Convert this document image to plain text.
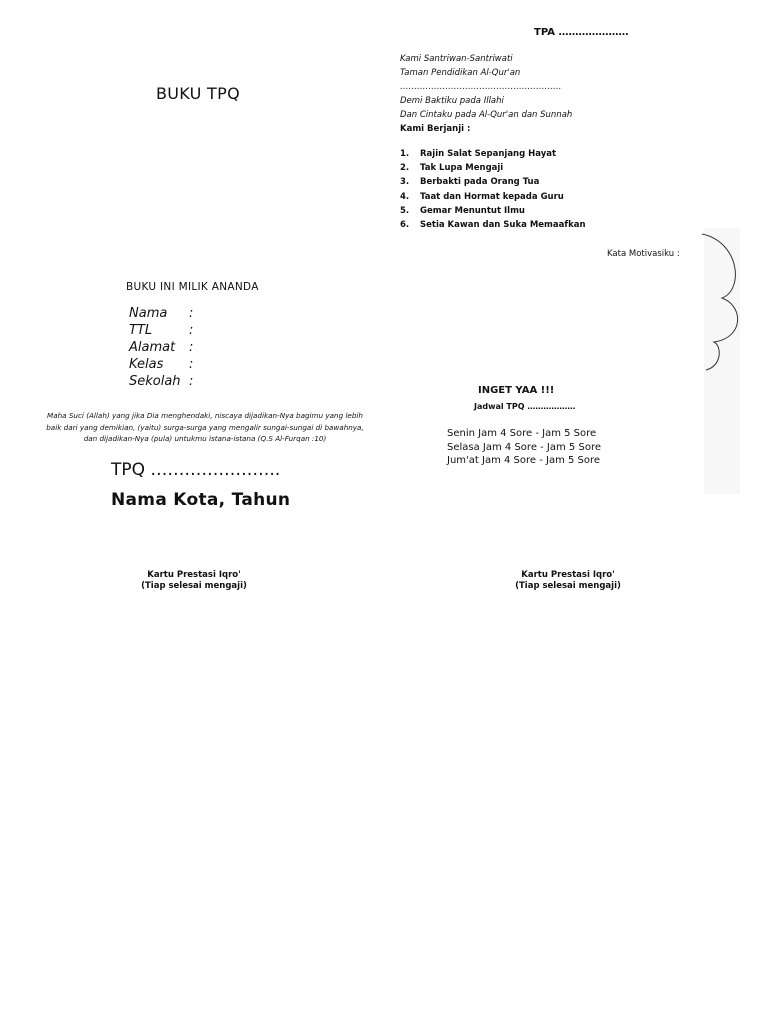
TPA …………………
Kami Santriwan-Santriwati
Taman Pendidikan Al-Qur'an
…………………………………………………
Demi Baktiku pada Illahi
Dan Cintaku pada Al-Qur'an dan Sunnah
Kami Berjanji :
1.	Rajin Salat Sepanjang Hayat
2.	Tak Lupa Mengaji
3.	Berbakti pada Orang Tua
4.	Taat dan Hormat kepada Guru
5.	Gemar Menuntut Ilmu
6.	Setia Kawan dan Suka Memaafkan
BUKU TPQ
Kata Motivasiku :
BUKU INI MILIK ANANDA
Nama	:
TTL	:
Alamat	:
Kelas	:
Sekolah :
Maha Suci (Allah) yang jika Dia menghendaki, niscaya dijadikan-Nya bagimu yang lebih baik dari yang demikian, (yaitu) surga-surga yang mengalir sungai-sungai di bawahnya, dan dijadikan-Nya (pula) untukmu istana-istana (Q.S Al-Furqan :10)
INGET YAA !!!
Jadwal TPQ ………………
Senin Jam 4 Sore - Jam 5 Sore
Selasa Jam 4 Sore - Jam 5 Sore
Jum'at Jam 4 Sore - Jam 5 Sore
TPQ …………………..
Nama Kota, Tahun
Kartu Prestasi Iqro'
(Tiap selesai mengaji)
Kartu Prestasi Iqro'
(Tiap selesai mengaji)
